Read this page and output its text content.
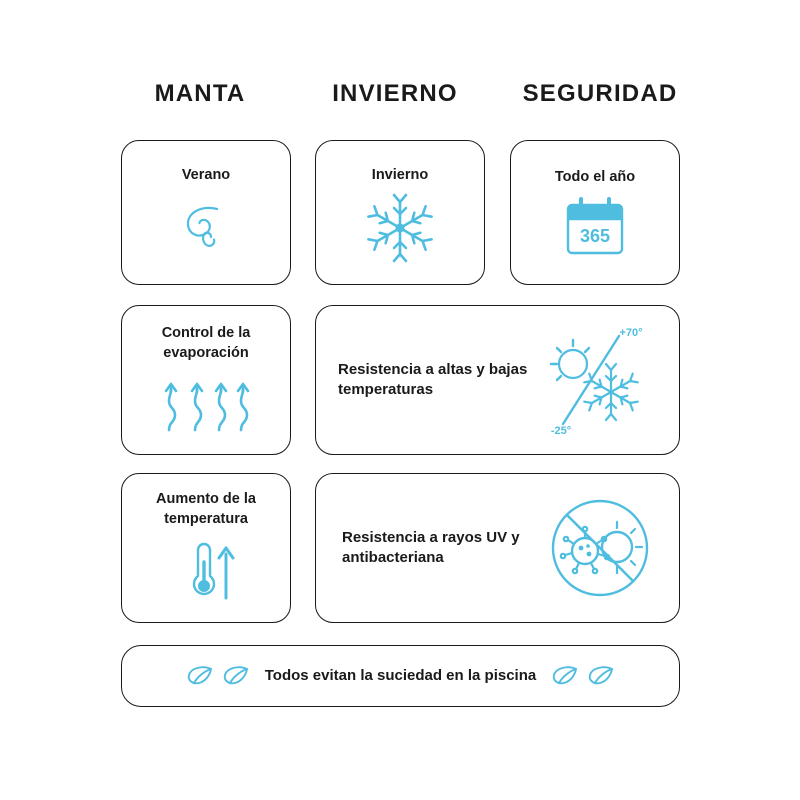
MANTA	INVIERNO	SEGURIDAD
Verano	Invierno	Todo el año
365
Control de la evaporación
Resistencia a altas y bajas temperaturas
+70°
-25°
Aumento de la temperatura
Resistencia a rayos UV y antibacteriana
Todos evitan la suciedad en la piscina
